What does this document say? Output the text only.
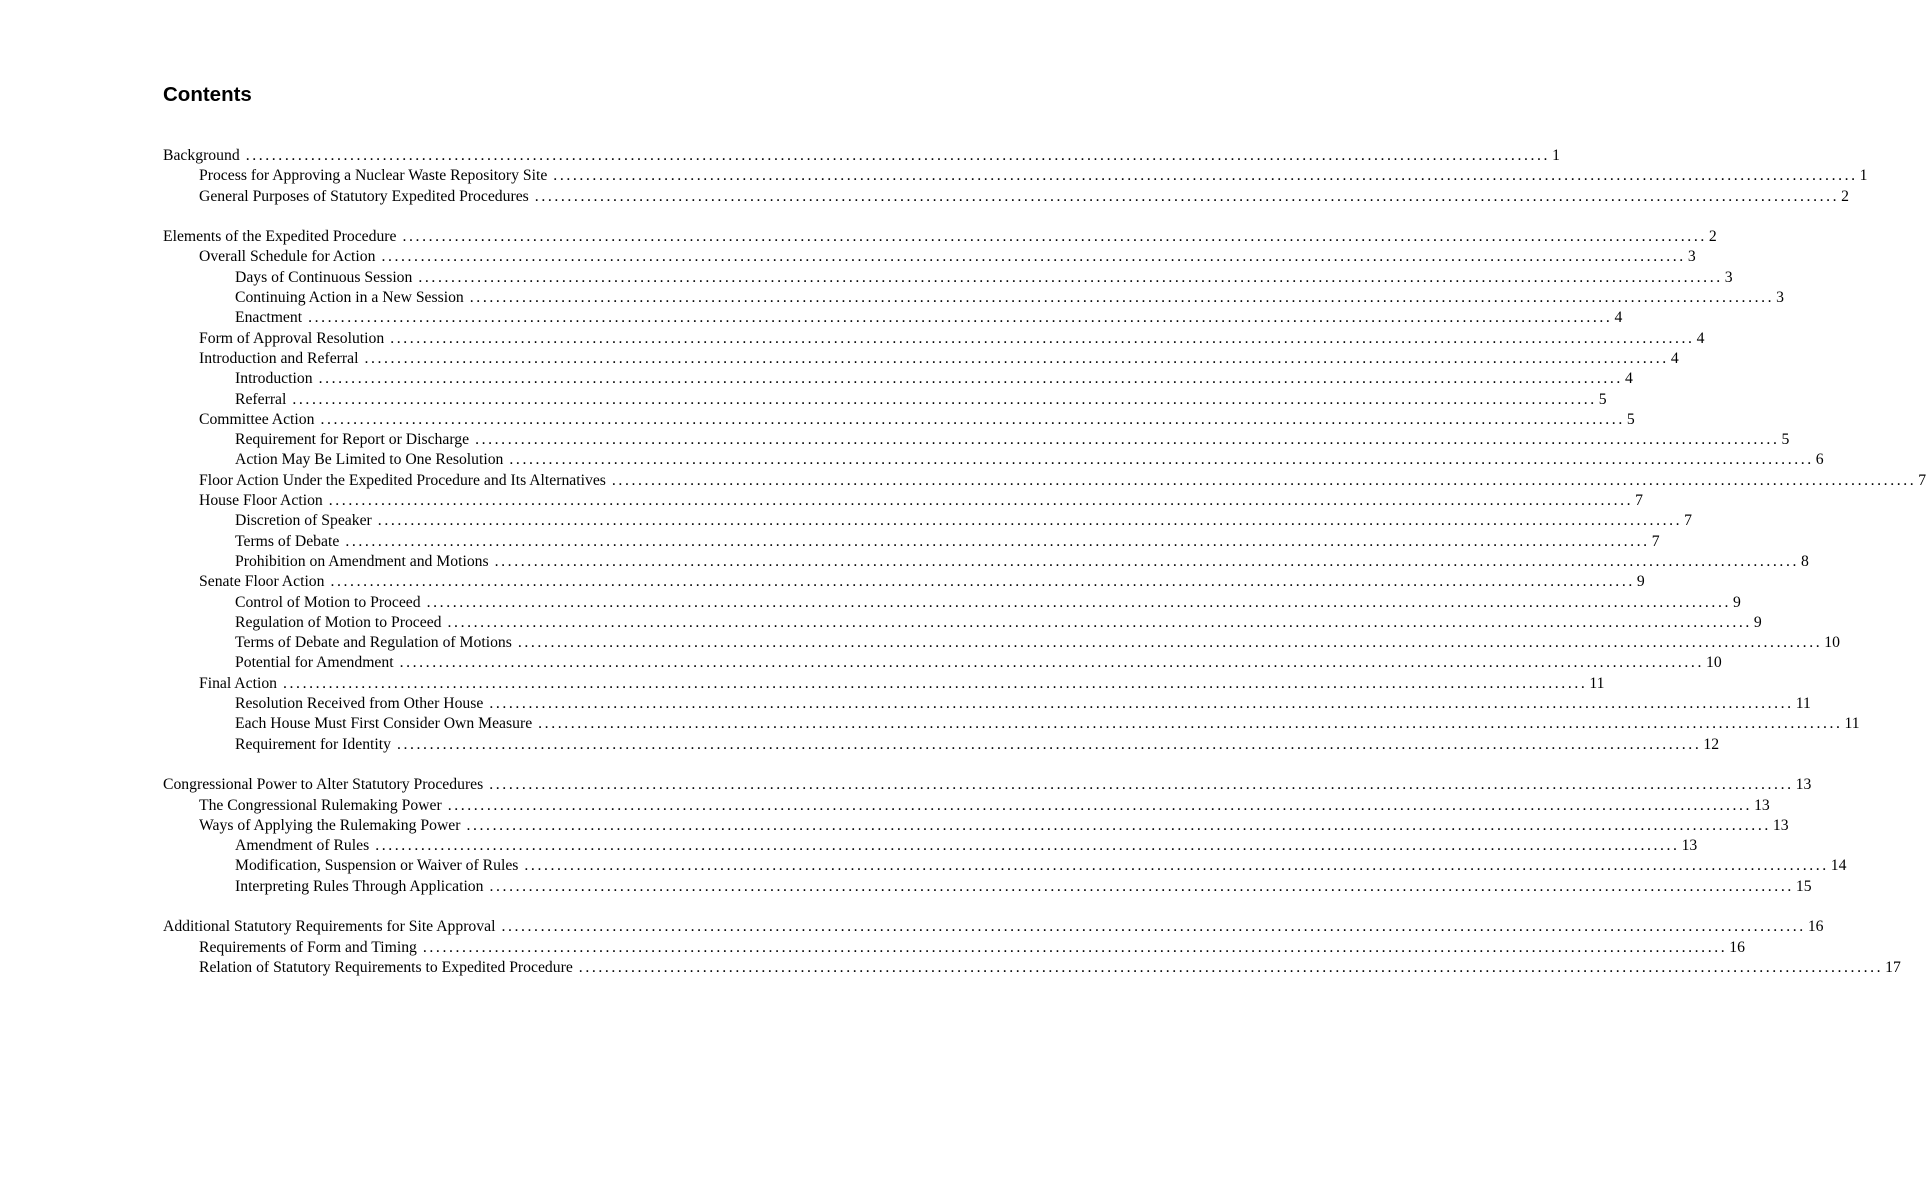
Contents
Background ........................................................................................................................................................................................................ 1
Process for Approving a Nuclear Waste Repository Site ........................................................................................................................................................................................................ 1
General Purposes of Statutory Expedited Procedures ........................................................................................................................................................................................................ 2
Elements of the Expedited Procedure ........................................................................................................................................................................................................ 2
Overall Schedule for Action ........................................................................................................................................................................................................ 3
Days of Continuous Session ........................................................................................................................................................................................................ 3
Continuing Action in a New Session ........................................................................................................................................................................................................ 3
Enactment ........................................................................................................................................................................................................ 4
Form of Approval Resolution ........................................................................................................................................................................................................ 4
Introduction and Referral ........................................................................................................................................................................................................ 4
Introduction ........................................................................................................................................................................................................ 4
Referral ........................................................................................................................................................................................................ 5
Committee Action ........................................................................................................................................................................................................ 5
Requirement for Report or Discharge ........................................................................................................................................................................................................ 5
Action May Be Limited to One Resolution ........................................................................................................................................................................................................ 6
Floor Action Under the Expedited Procedure and Its Alternatives ........................................................................................................................................................................................................ 7
House Floor Action ........................................................................................................................................................................................................ 7
Discretion of Speaker ........................................................................................................................................................................................................ 7
Terms of Debate ........................................................................................................................................................................................................ 7
Prohibition on Amendment and Motions ........................................................................................................................................................................................................ 8
Senate Floor Action ........................................................................................................................................................................................................ 9
Control of Motion to Proceed ........................................................................................................................................................................................................ 9
Regulation of Motion to Proceed ........................................................................................................................................................................................................ 9
Terms of Debate and Regulation of Motions ........................................................................................................................................................................................................ 10
Potential for Amendment ........................................................................................................................................................................................................ 10
Final Action ........................................................................................................................................................................................................ 11
Resolution Received from Other House ........................................................................................................................................................................................................ 11
Each House Must First Consider Own Measure ........................................................................................................................................................................................................ 11
Requirement for Identity ........................................................................................................................................................................................................ 12
Congressional Power to Alter Statutory Procedures ........................................................................................................................................................................................................ 13
The Congressional Rulemaking Power ........................................................................................................................................................................................................ 13
Ways of Applying the Rulemaking Power ........................................................................................................................................................................................................ 13
Amendment of Rules ........................................................................................................................................................................................................ 13
Modification, Suspension or Waiver of Rules ........................................................................................................................................................................................................ 14
Interpreting Rules Through Application ........................................................................................................................................................................................................ 15
Additional Statutory Requirements for Site Approval ........................................................................................................................................................................................................ 16
Requirements of Form and Timing ........................................................................................................................................................................................................ 16
Relation of Statutory Requirements to Expedited Procedure ........................................................................................................................................................................................................ 17
